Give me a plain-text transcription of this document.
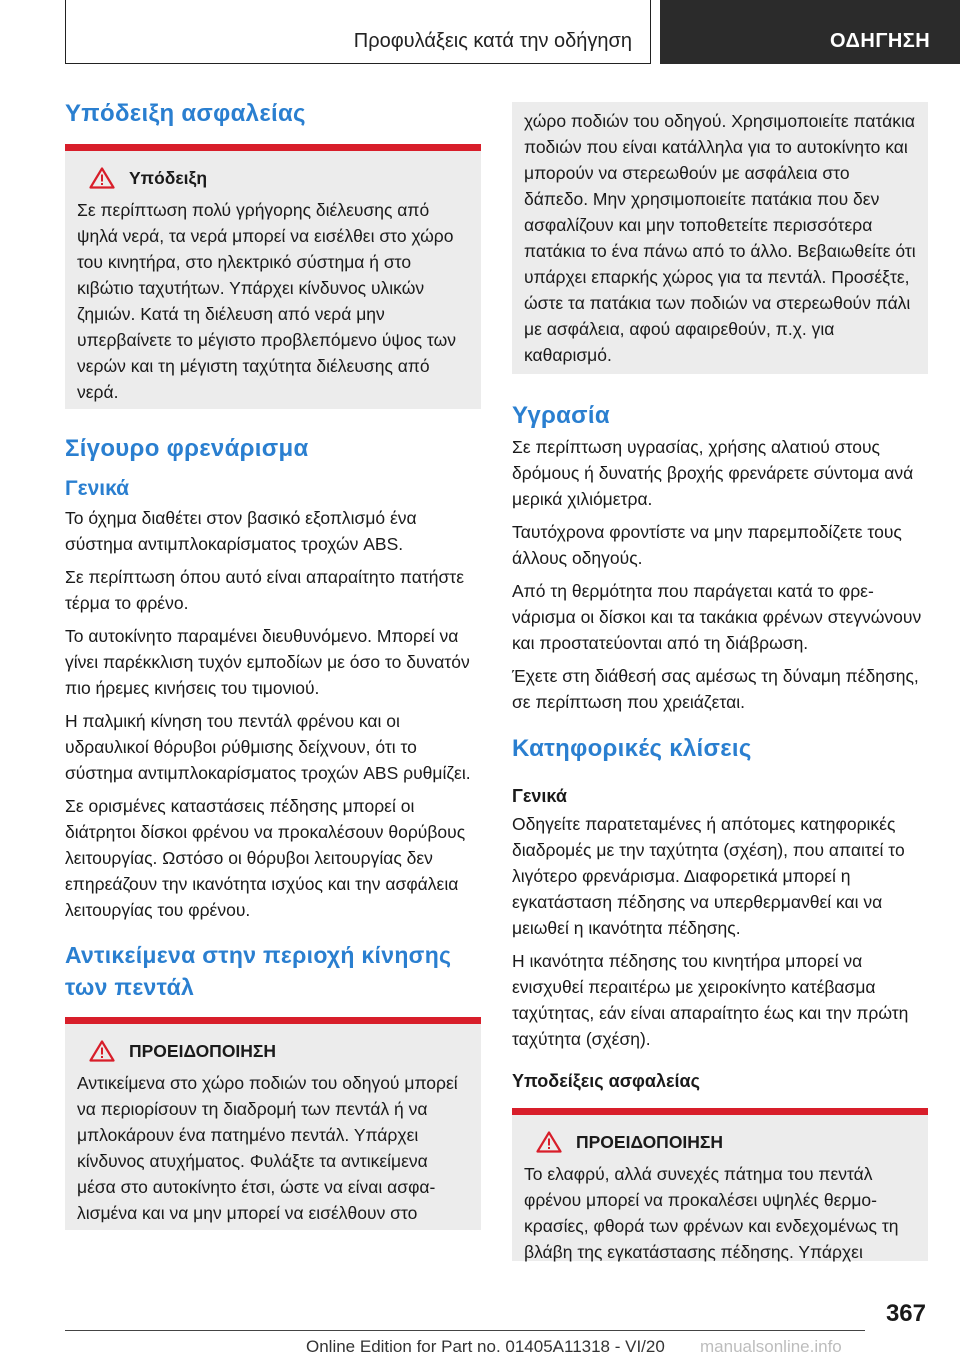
Προφυλάξεις κατά την οδήγηση	ΟΔΗΓΗΣΗ
Υπόδειξη ασφαλείας
Υπόδειξη

Σε περίπτωση πολύ γρήγορης διέλευσης από ψηλά νερά, τα νερά μπορεί να εισέλθει στο χώρο του κινητήρα, στο ηλεκτρικό σύστημα ή στο κιβώτιο ταχυτήτων. Υπάρχει κίνδυνος υλικών ζημιών. Κατά τη διέλευση από νερά μην υπερβαίνετε το μέγιστο προβλεπόμενο ύψος των νερών και τη μέγιστη ταχύτητα διέλευσης από νερά.

Σίγουρο φρενάρισμα
Γενικά

Το όχημα διαθέτει στον βασικό εξοπλισμό ένα σύστημα αντιμπλοκαρίσματος τροχών ABS.

Σε περίπτωση όπου αυτό είναι απαραίτητο πατήστε τέρμα το φρένο.

Το αυτοκίνητο παραμένει διευθυνόμενο. Μπορεί να γίνει παρέκκλιση τυχόν εμποδίων με όσο το δυνατόν πιο ήρεμες κινήσεις του τιμονιού.

Η παλμική κίνηση του πεντάλ φρένου και οι υδραυλικοί θόρυβοι ρύθμισης δείχνουν, ότι το σύστημα αντιμπλοκαρίσματος τροχών ABS ρυθμίζει.

Σε ορισμένες καταστάσεις πέδησης μπορεί οι διάτρητοι δίσκοι φρένου να προκαλέσουν θορύβους λειτουργίας. Ωστόσο οι θόρυβοι λειτουργίας δεν επηρεάζουν την ικανότητα ισχύος και την ασφάλεια λειτουργίας του φρένου.

Αντικείμενα στην περιοχή κίνησης των πεντάλ
ΠΡΟΕΙΔΟΠΟΙΗΣΗ

Αντικείμενα στο χώρο ποδιών του οδηγού μπορεί να περιορίσουν τη διαδρομή των πεντάλ ή να μπλοκάρουν ένα πατημένο πεντάλ. Υπάρχει κίνδυνος ατυχήματος. Φυλάξτε τα αντικείμενα μέσα στο αυτοκίνητο έτσι, ώστε να είναι ασφαλισμένα και να μην μπορεί να εισέλθουν στο

χώρο ποδιών του οδηγού. Χρησιμοποιείτε πατάκια ποδιών που είναι κατάλληλα για το αυτοκίνητο και μπορούν να στερεωθούν με ασφάλεια στο δάπεδο. Μην χρησιμοποιείτε πατάκια που δεν ασφαλίζουν και μην τοποθετείτε περισσότερα πατάκια το ένα πάνω από το άλλο. Βεβαιωθείτε ότι υπάρχει επαρκής χώρος για τα πεντάλ. Προσέξτε, ώστε τα πατάκια των ποδιών να στερεωθούν πάλι με ασφάλεια, αφού αφαιρεθούν, π.χ. για καθαρισμό.

Υγρασία

Σε περίπτωση υγρασίας, χρήσης αλατιού στους δρόμους ή δυνατής βροχής φρενάρετε σύντομα ανά μερικά χιλιόμετρα.

Ταυτόχρονα φροντίστε να μην παρεμποδίζετε τους άλλους οδηγούς.

Από τη θερμότητα που παράγεται κατά το φρενάρισμα οι δίσκοι και τα τακάκια φρένων στεγνώνουν και προστατεύονται από τη διάβρωση.

Έχετε στη διάθεσή σας αμέσως τη δύναμη πέδησης, σε περίπτωση που χρειάζεται.

Κατηφορικές κλίσεις
Γενικά

Οδηγείτε παρατεταμένες ή απότομες κατηφορικές διαδρομές με την ταχύτητα (σχέση), που απαιτεί το λιγότερο φρενάρισμα. Διαφορετικά μπορεί η εγκατάσταση πέδησης να υπερθερμανθεί και να μειωθεί η ικανότητα πέδησης.

Η ικανότητα πέδησης του κινητήρα μπορεί να ενισχυθεί περαιτέρω με χειροκίνητο κατέβασμα ταχύτητας, εάν είναι απαραίτητο έως και την πρώτη ταχύτητα (σχέση).

Υποδείξεις ασφαλείας
ΠΡΟΕΙΔΟΠΟΙΗΣΗ

Το ελαφρύ, αλλά συνεχές πάτημα του πεντάλ φρένου μπορεί να προκαλέσει υψηλές θερμοκρασίες, φθορά των φρένων και ενδεχομένως τη βλάβη της εγκατάστασης πέδησης. Υπάρχει

367
Online Edition for Part no. 01405A11318 - VI/20 manualsonline.info
